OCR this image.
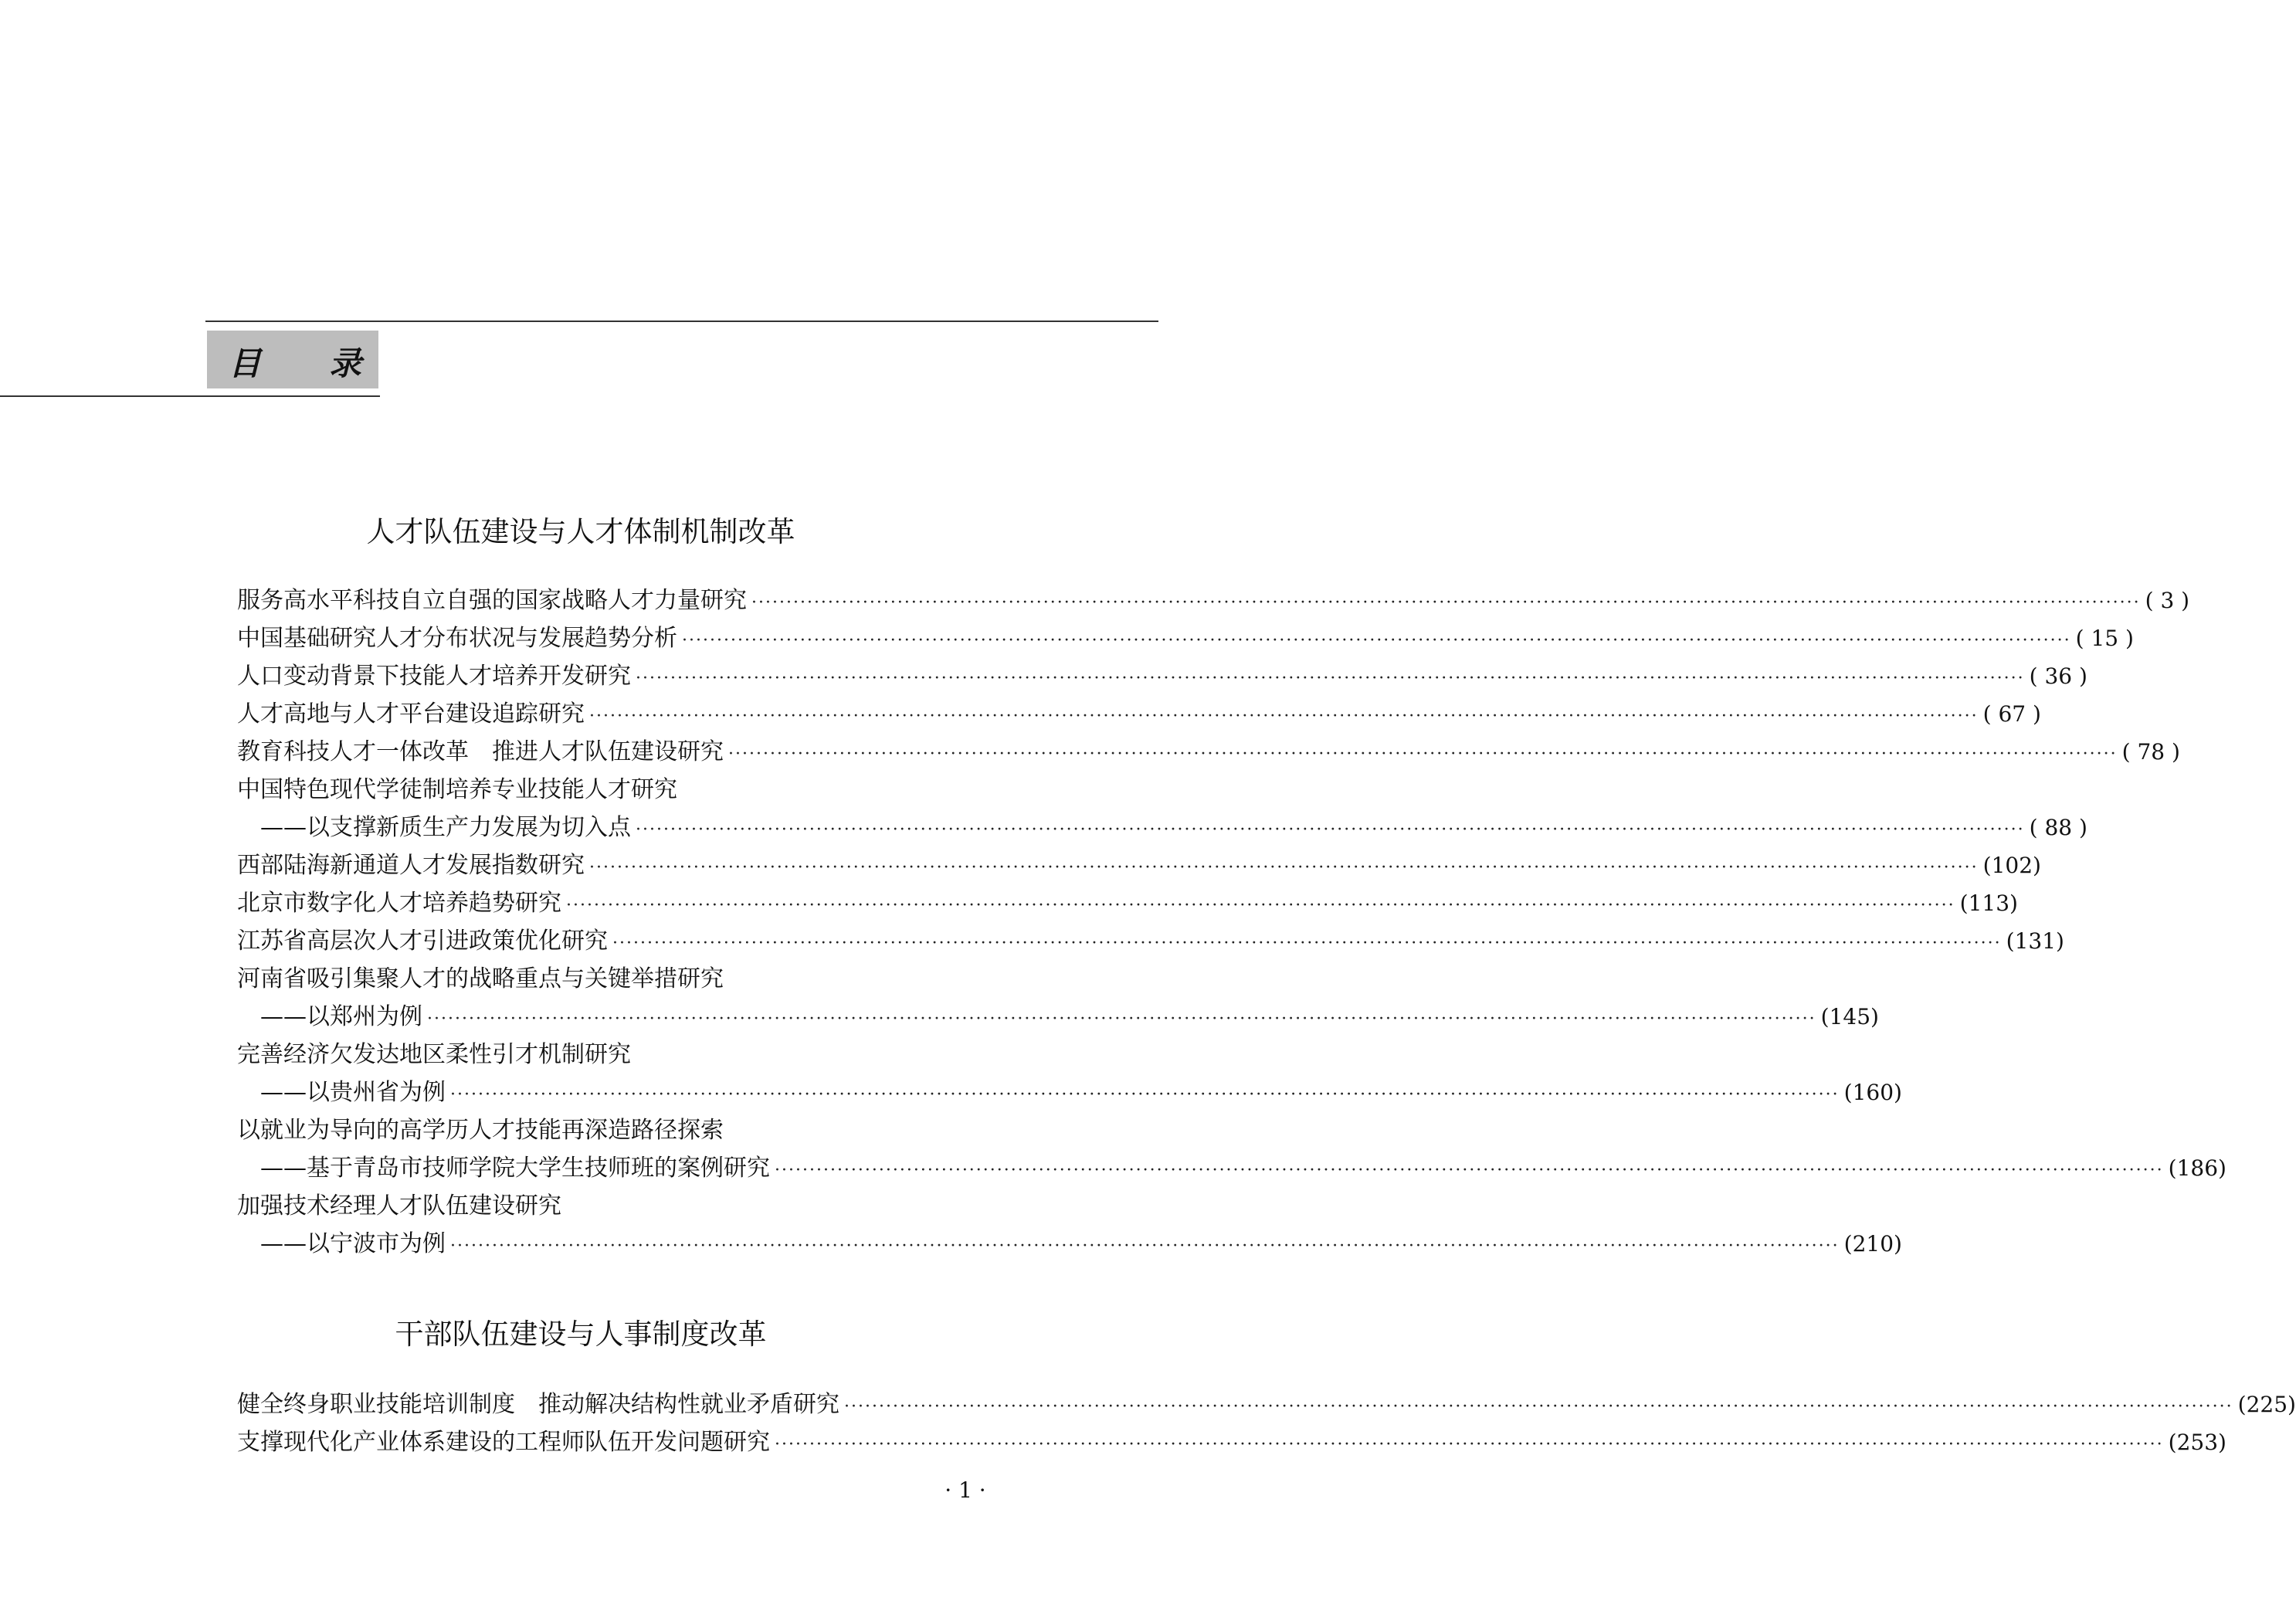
目 录
人才队伍建设与人才体制机制改革
服务高水平科技自立自强的国家战略人才力量研究 ········································································································································································································ ( 3 )
中国基础研究人才分布状况与发展趋势分析 ········································································································································································································ ( 15 )
人口变动背景下技能人才培养开发研究 ········································································································································································································ ( 36 )
人才高地与人才平台建设追踪研究 ········································································································································································································ ( 67 )
教育科技人才一体改革　推进人才队伍建设研究 ········································································································································································································ ( 78 )
中国特色现代学徒制培养专业技能人才研究
——以支撑新质生产力发展为切入点 ········································································································································································································ ( 88 )
西部陆海新通道人才发展指数研究 ········································································································································································································ (102)
北京市数字化人才培养趋势研究 ········································································································································································································ (113)
江苏省高层次人才引进政策优化研究 ········································································································································································································ (131)
河南省吸引集聚人才的战略重点与关键举措研究
——以郑州为例 ········································································································································································································ (145)
完善经济欠发达地区柔性引才机制研究
——以贵州省为例 ········································································································································································································ (160)
以就业为导向的高学历人才技能再深造路径探索
——基于青岛市技师学院大学生技师班的案例研究 ········································································································································································································ (186)
加强技术经理人才队伍建设研究
——以宁波市为例 ········································································································································································································ (210)
干部队伍建设与人事制度改革
健全终身职业技能培训制度　推动解决结构性就业矛盾研究 ········································································································································································································ (225)
支撑现代化产业体系建设的工程师队伍开发问题研究 ········································································································································································································ (253)
· 1 ·
